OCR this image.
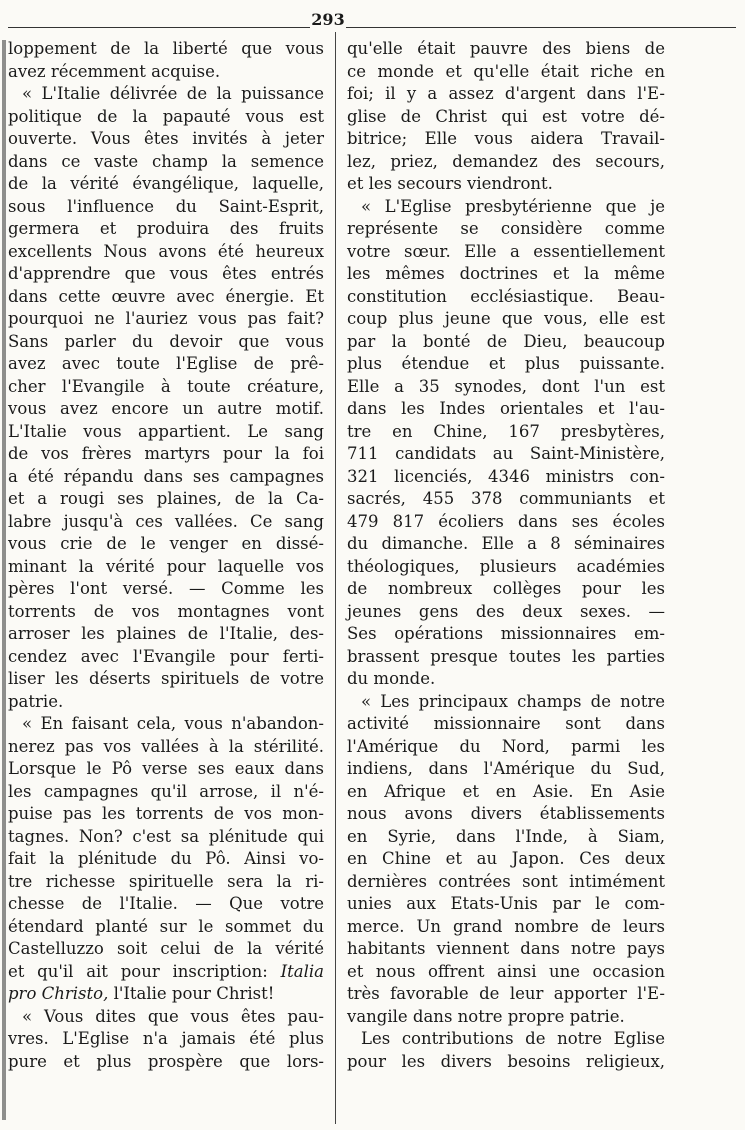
293
loppement de la liberté que vous
avez récemment acquise.
« L'Italie délivrée de la puissance
politique de la papauté vous est
ouverte. Vous êtes invités à jeter
dans ce vaste champ la semence
de la vérité évangélique, laquelle,
sous l'influence du Saint-Esprit,
germera et produira des fruits
excellents Nous avons été heureux
d'apprendre que vous êtes entrés
dans cette œuvre avec énergie. Et
pourquoi ne l'auriez vous pas fait?
Sans parler du devoir que vous
avez avec toute l'Eglise de prê-
cher l'Evangile à toute créature,
vous avez encore un autre motif.
L'Italie vous appartient. Le sang
de vos frères martyrs pour la foi
a été répandu dans ses campagnes
et a rougi ses plaines, de la Ca-
labre jusqu'à ces vallées. Ce sang
vous crie de le venger en dissé-
minant la vérité pour laquelle vos
pères l'ont versé. — Comme les
torrents de vos montagnes vont
arroser les plaines de l'Italie, des-
cendez avec l'Evangile pour ferti-
liser les déserts spirituels de votre
patrie.
« En faisant cela, vous n'abandon-
nerez pas vos vallées à la stérilité.
Lorsque le Pô verse ses eaux dans
les campagnes qu'il arrose, il n'é-
puise pas les torrents de vos mon-
tagnes. Non? c'est sa plénitude qui
fait la plénitude du Pô. Ainsi vo-
tre richesse spirituelle sera la ri-
chesse de l'Italie. — Que votre
étendard planté sur le sommet du
Castelluzzo soit celui de la vérité
et qu'il ait pour inscription: Italia
pro Christo, l'Italie pour Christ!
« Vous dites que vous êtes pau-
vres. L'Eglise n'a jamais été plus
pure et plus prospère que lors-
qu'elle était pauvre des biens de
ce monde et qu'elle était riche en
foi; il y a assez d'argent dans l'E-
glise de Christ qui est votre dé-
bitrice; Elle vous aidera Travail-
lez, priez, demandez des secours,
et les secours viendront.
« L'Eglise presbytérienne que je
représente se considère comme
votre sœur. Elle a essentiellement
les mêmes doctrines et la même
constitution ecclésiastique. Beau-
coup plus jeune que vous, elle est
par la bonté de Dieu, beaucoup
plus étendue et plus puissante.
Elle a 35 synodes, dont l'un est
dans les Indes orientales et l'au-
tre en Chine, 167 presbytères,
711 candidats au Saint-Ministère,
321 licenciés, 4346 ministrs con-
sacrés, 455 378 communiants et
479 817 écoliers dans ses écoles
du dimanche. Elle a 8 séminaires
théologiques, plusieurs académies
de nombreux collèges pour les
jeunes gens des deux sexes. —
Ses opérations missionnaires em-
brassent presque toutes les parties
du monde.
« Les principaux champs de notre
activité missionnaire sont dans
l'Amérique du Nord, parmi les
indiens, dans l'Amérique du Sud,
en Afrique et en Asie. En Asie
nous avons divers établissements
en Syrie, dans l'Inde, à Siam,
en Chine et au Japon. Ces deux
dernières contrées sont intimément
unies aux Etats-Unis par le com-
merce. Un grand nombre de leurs
habitants viennent dans notre pays
et nous offrent ainsi une occasion
très favorable de leur apporter l'E-
vangile dans notre propre patrie.
Les contributions de notre Eglise
pour les divers besoins religieux,
